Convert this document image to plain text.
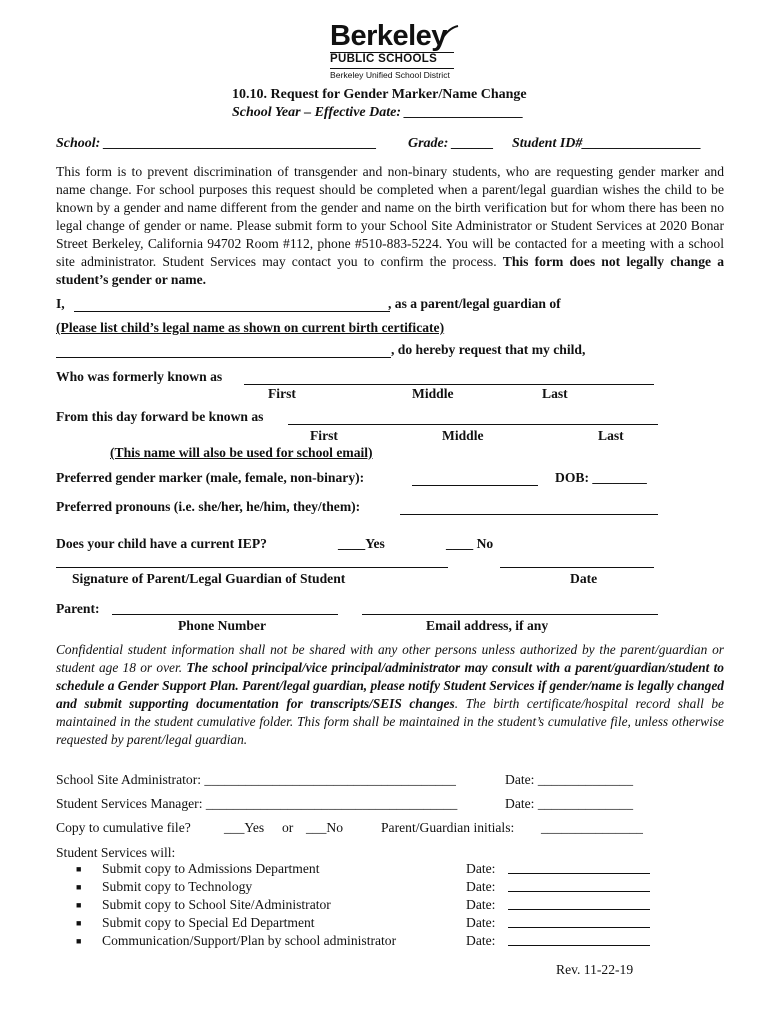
Berkeley
PUBLIC SCHOOLS
Berkeley Unified School District
10.10. Request for Gender Marker/Name Change
School Year – Effective Date: _________________
School: _______________________________________ Grade: ______ Student ID#_________________
This form is to prevent discrimination of transgender and non-binary students, who are requesting gender marker and name change. For school purposes this request should be completed when a parent/legal guardian wishes the child to be known by a gender and name different from the gender and name on the birth verification but for whom there has been no legal change of gender or name. Please submit form to your School Site Administrator or Student Services at 2020 Bonar Street Berkeley, California 94702 Room #112, phone #510-883-5224. You will be contacted for a meeting with a school site administrator. Student Services may contact you to confirm the process. This form does not legally change a student’s gender or name.
I,	, as a parent/legal guardian of
(Please list child’s legal name as shown on current birth certificate)
, do hereby request that my child,
Who was formerly known as
First	Middle	Last
From this day forward be known as
First	Middle	Last
(This name will also be used for school email)
Preferred gender marker (male, female, non-binary):	DOB: ________
Preferred pronouns (i.e. she/her, he/him, they/them):
Does your child have a current IEP?	____Yes	____ No
Signature of Parent/Legal Guardian of Student	Date
Parent:
Phone Number	Email address, if any
Confidential student information shall not be shared with any other persons unless authorized by the parent/guardian or student age 18 or over. The school principal/vice principal/administrator may consult with a parent/guardian/student to schedule a Gender Support Plan. Parent/legal guardian, please notify Student Services if gender/name is legally changed and submit supporting documentation for transcripts/SEIS changes. The birth certificate/hospital record shall be maintained in the student cumulative folder. This form shall be maintained in the student’s cumulative file, unless otherwise requested by parent/legal guardian.
School Site Administrator: _____________________________________	Date: ______________
Student Services Manager: _____________________________________	Date: ______________
Copy to cumulative file? ___Yes or ___No	Parent/Guardian initials: _______________
Student Services will:
■ Submit copy to Admissions Department	Date:
■ Submit copy to Technology	Date:
■ Submit copy to School Site/Administrator	Date:
■ Submit copy to Special Ed Department	Date:
■ Communication/Support/Plan by school administrator	Date:
Rev. 11-22-19
